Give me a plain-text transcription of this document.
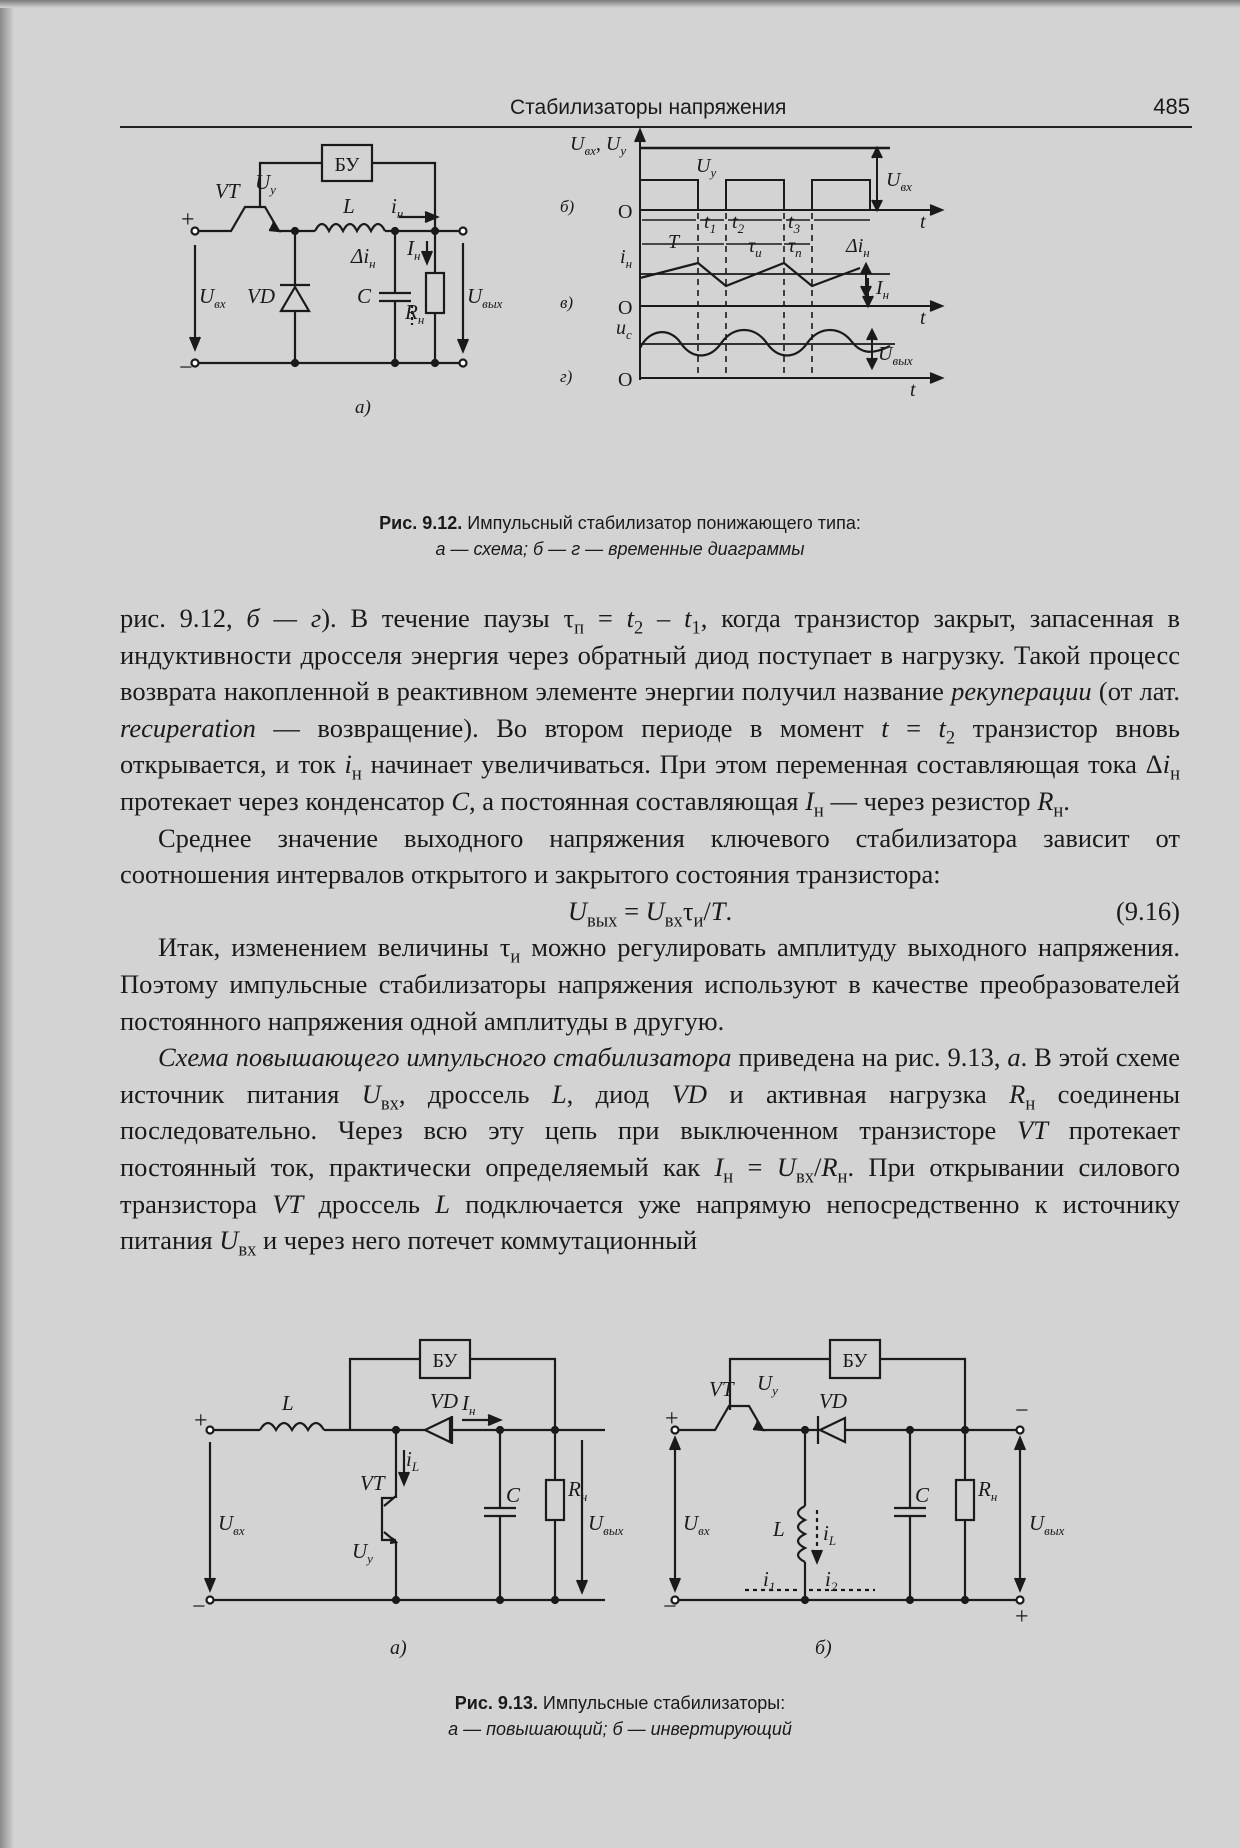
Стабилизаторы напряжения	485
БУ
VT $U_у$
+
−
L $i_н$
$\Delta i_н$
$I_н$
$U_{вх}$ VD	C
$R_н$
$U_{вых}$
а)
$U_{вх}$, $U_у$
$U_у$	$U_{вх}$
б) O	t
$t_1$ $t_2$ $t_3$
T	$\tau_и$ $\tau_п$ $\Delta i_н$
$i_н$
$I_н$
в) O	t
$u_c$
$U_{вых}$
г) O	t
Рис. 9.12. Импульсный стабилизатор понижающего типа:
а — схема; б — г — временные диаграммы

рис. 9.12, б — г). В течение паузы $\tau_п = t_2 - t_1$, когда транзистор закрыт, запасенная в индуктивности дросселя энергия через обратный диод поступает в нагрузку. Такой процесс возврата накопленной в реактивном элементе энергии получил название рекуперации (от лат. recuperation — возвращение). Во втором периоде в момент $t = t_2$ транзистор вновь открывается, и ток $i_н$ начинает увеличиваться. При этом переменная составляющая тока $\Delta i_н$ протекает через конденсатор C, а постоянная составляющая $I_н$ — через резистор $R_н$.

Среднее значение выходного напряжения ключевого стабилизатора зависит от соотношения интервалов открытого и закрытого состояния транзистора:

$U_{вых} = U_{вх}\tau_и/T$.	(9.16)

Итак, изменением величины $\tau_и$ можно регулировать амплитуду выходного напряжения. Поэтому импульсные стабилизаторы напряжения используют в качестве преобразователей постоянного напряжения одной амплитуды в другую.

Схема повышающего импульсного стабилизатора приведена на рис. 9.13, а. В этой схеме источник питания $U_{вх}$, дроссель L, диод VD и активная нагрузка $R_н$ соединены последовательно. Через всю эту цепь при выключенном транзисторе VT протекает постоянный ток, практически определяемый как $I_н = U_{вх}/R_н$. При открывании силового транзистора VT дроссель L подключается уже напрямую непосредственно к источнику питания $U_{вх}$ и через него потечет коммутационный

БУ
+
−
L	VD $I_н$
VT
$i_L$
$U_у$
$U_{вх}$
C $R_н$
$U_{вых}$
а)
БУ
+
−
−
+
VT $U_у$ VD
$U_{вх}$	L $i_L$
$i_1$ $i_2$
C $R_н$
$U_{вых}$
б)
Рис. 9.13. Импульсные стабилизаторы:
а — повышающий; б — инвертирующий
